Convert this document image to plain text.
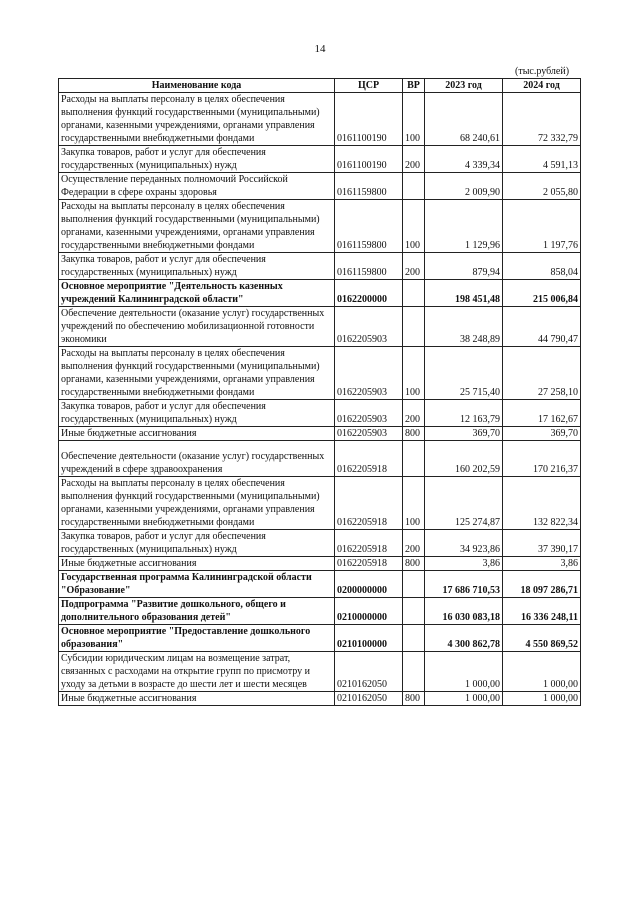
14
(тыс.рублей)
Наименование кода	ЦСР	ВР	2023 год	2024 год
Расходы на выплаты персоналу в целях обеспечения выполнения функций государственными (муниципальными) органами, казенными учреждениями, органами управления государственными внебюджетными фондами	0161100190	100	68 240,61	72 332,79
Закупка товаров, работ и услуг для обеспечения государственных (муниципальных) нужд	0161100190	200	4 339,34	4 591,13
Осуществление переданных полномочий Российской Федерации в сфере охраны здоровья	0161159800		2 009,90	2 055,80
Расходы на выплаты персоналу в целях обеспечения выполнения функций государственными (муниципальными) органами, казенными учреждениями, органами управления государственными внебюджетными фондами	0161159800	100	1 129,96	1 197,76
Закупка товаров, работ и услуг для обеспечения государственных (муниципальных) нужд	0161159800	200	879,94	858,04
Основное мероприятие "Деятельность казенных учреждений Калининградской области"	0162200000		198 451,48	215 006,84
Обеспечение деятельности (оказание услуг) государственных учреждений по обеспечению мобилизационной готовности экономики	0162205903		38 248,89	44 790,47
Расходы на выплаты персоналу в целях обеспечения выполнения функций государственными (муниципальными) органами, казенными учреждениями, органами управления государственными внебюджетными фондами	0162205903	100	25 715,40	27 258,10
Закупка товаров, работ и услуг для обеспечения государственных (муниципальных) нужд	0162205903	200	12 163,79	17 162,67
Иные бюджетные ассигнования	0162205903	800	369,70	369,70
Обеспечение деятельности (оказание услуг) государственных учреждений в сфере здравоохранения	0162205918		160 202,59	170 216,37
Расходы на выплаты персоналу в целях обеспечения выполнения функций государственными (муниципальными) органами, казенными учреждениями, органами управления государственными внебюджетными фондами	0162205918	100	125 274,87	132 822,34
Закупка товаров, работ и услуг для обеспечения государственных (муниципальных) нужд	0162205918	200	34 923,86	37 390,17
Иные бюджетные ассигнования	0162205918	800	3,86	3,86
Государственная программа Калининградской области "Образование"	0200000000		17 686 710,53	18 097 286,71
Подпрограмма "Развитие дошкольного, общего и дополнительного образования детей"	0210000000		16 030 083,18	16 336 248,11
Основное мероприятие "Предоставление дошкольного образования"	0210100000		4 300 862,78	4 550 869,52
Субсидии юридическим лицам на возмещение затрат, связанных с расходами на открытие групп по присмотру и уходу за детьми в возрасте до шести лет и шести месяцев	0210162050		1 000,00	1 000,00
Иные бюджетные ассигнования	0210162050	800	1 000,00	1 000,00
